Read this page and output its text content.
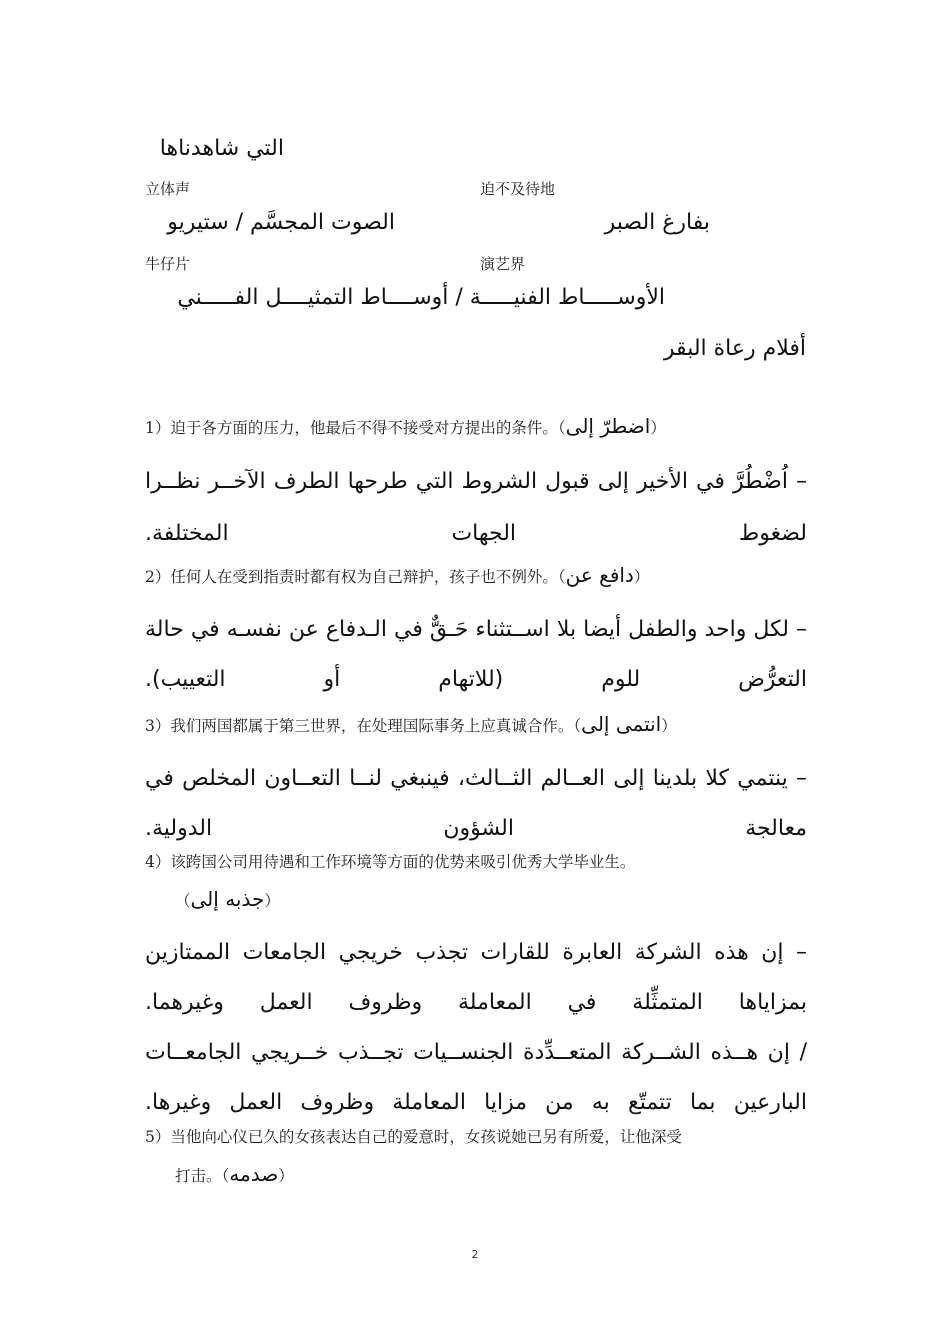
التي شاهدناها
立体声	迫不及待地
الصوت المجسَّم / ستيريو	بفارغ الصبر
牛仔片	演艺界
الأوســـــاط الفنيـــــة / أوســــاط التمثيــــل الفـــــني
أفلام رعاة البقر
1）迫于各方面的压力，他最后不得不接受对方提出的条件。（اضطرّ إلى）
– اُضْطُرَّ في الأخير إلى قبول الشروط التي طرحها الطرف الآخــر نظــرا لضغوط الجهات المختلفة.
2）任何人在受到指责时都有权为自己辩护，孩子也不例外。（دافع عن）
– لكل واحد والطفل أيضا بلا اســتثناء حَـقٌّ في الـدفاع عن نفسـه في حالة التعرُّض للوم (للاتهام أو التعييب).
3）我们两国都属于第三世界，在处理国际事务上应真诚合作。（انتمى إلى）
– ينتمي كلا بلدينا إلى العــالم الثــالث، فينبغي لنــا التعــاون المخلص في معالجة الشؤون الدولية.
4）该跨国公司用待遇和工作环境等方面的优势来吸引优秀大学毕业生。
（جذبه إلى）
– إن هذه الشركة العابرة للقارات تجذب خريجي الجامعات الممتازين بمزاياها المتمثِّلة في المعاملة وظروف العمل وغيرهما.
/ إن هــذه الشــركة المتعــدِّدة الجنســيات تجــذب خــريجي الجامعــات البارعين بما تتمتّع به من مزايا المعاملة وظروف العمل وغيرها.
5）当他向心仪已久的女孩表达自己的爱意时，女孩说她已另有所爱，让他深受
打击。（صدمه）
2
